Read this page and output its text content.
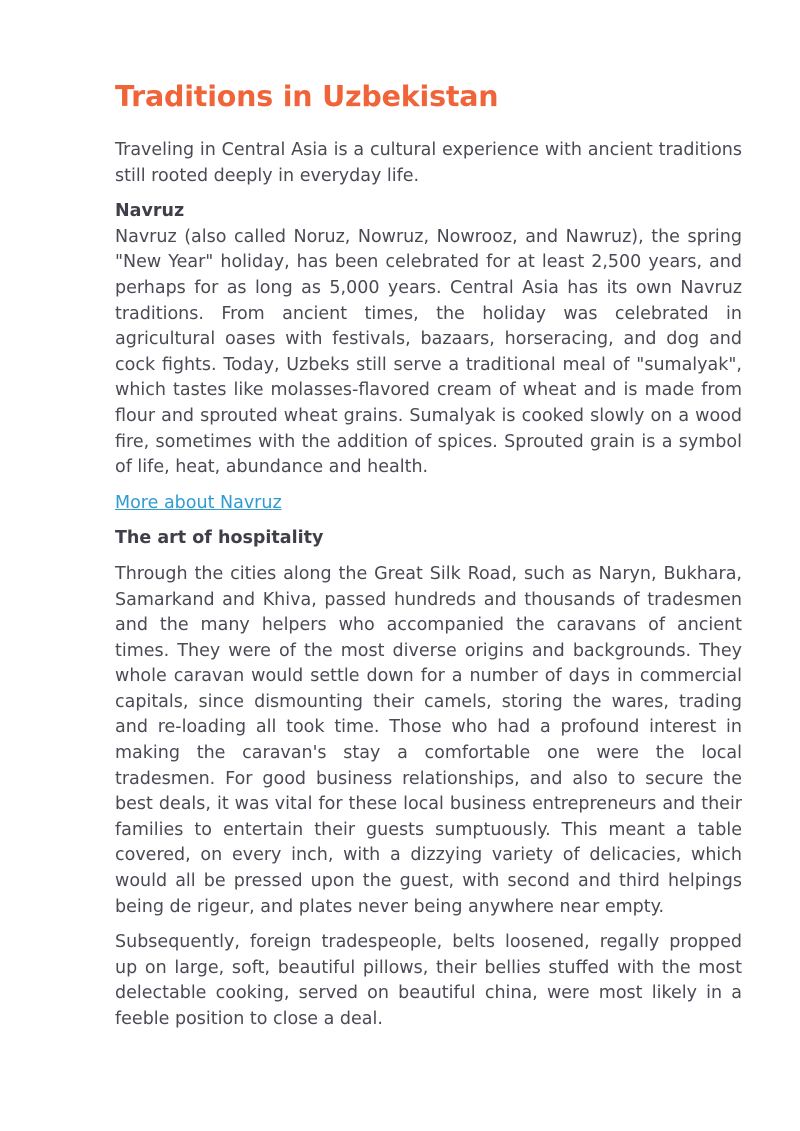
Traditions in Uzbekistan

Traveling in Central Asia is a cultural experience with ancient traditions still rooted deeply in everyday life.

Navruz
Navruz (also called Noruz, Nowruz, Nowrooz, and Nawruz), the spring "New Year" holiday, has been celebrated for at least 2,500 years, and perhaps for as long as 5,000 years. Central Asia has its own Navruz traditions. From ancient times, the holiday was celebrated in agricultural oases with festivals, bazaars, horseracing, and dog and cock fights. Today, Uzbeks still serve a traditional meal of "sumalyak", which tastes like molasses-flavored cream of wheat and is made from flour and sprouted wheat grains. Sumalyak is cooked slowly on a wood fire, sometimes with the addition of spices. Sprouted grain is a symbol of life, heat, abundance and health.
More about Navruz
The art of hospitality

Through the cities along the Great Silk Road, such as Naryn, Bukhara, Samarkand and Khiva, passed hundreds and thousands of tradesmen and the many helpers who accompanied the caravans of ancient times. They were of the most diverse origins and backgrounds. They whole caravan would settle down for a number of days in commercial capitals, since dismounting their camels, storing the wares, trading and re-loading all took time. Those who had a profound interest in making the caravan's stay a comfortable one were the local tradesmen. For good business relationships, and also to secure the best deals, it was vital for these local business entrepreneurs and their families to entertain their guests sumptuously. This meant a table covered, on every inch, with a dizzying variety of delicacies, which would all be pressed upon the guest, with second and third helpings being de rigeur, and plates never being anywhere near empty.

Subsequently, foreign tradespeople, belts loosened, regally propped up on large, soft, beautiful pillows, their bellies stuffed with the most delectable cooking, served on beautiful china, were most likely in a feeble position to close a deal.
